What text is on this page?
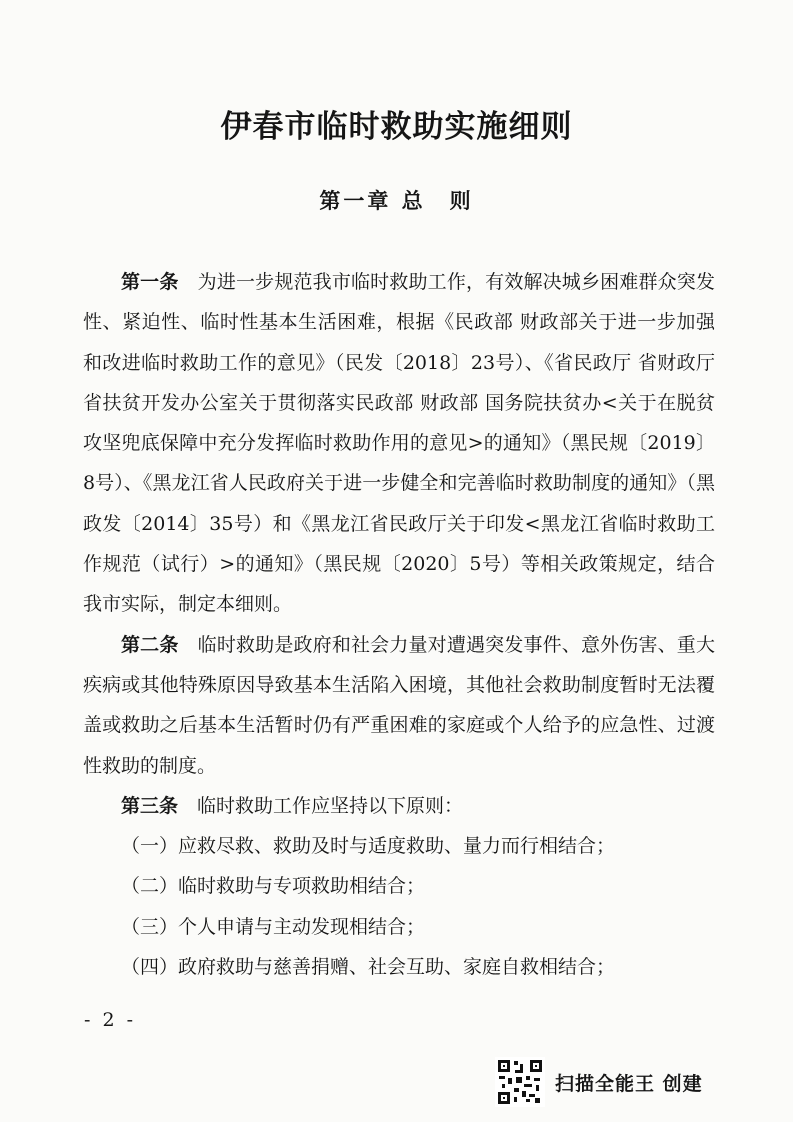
伊春市临时救助实施细则
第一章 总　则

第一条　 为进一步规范我市临时救助工作，有效解决城乡困难群众突发性、紧迫性、临时性基本生活困难，根据《民政部 财政部关于进一步加强和改进临时救助工作的意见》（民发〔2018〕23号）、《省民政厅 省财政厅 省扶贫开发办公室关于贯彻落实民政部 财政部 国务院扶贫办<关于在脱贫攻坚兜底保障中充分发挥临时救助作用的意见>的通知》（黑民规〔2019〕8号）、《黑龙江省人民政府关于进一步健全和完善临时救助制度的通知》（黑政发〔2014〕35号）和《黑龙江省民政厅关于印发<黑龙江省临时救助工作规范（试行）>的通知》（黑民规〔2020〕5号）等相关政策规定，结合我市实际，制定本细则。

第二条　 临时救助是政府和社会力量对遭遇突发事件、意外伤害、重大疾病或其他特殊原因导致基本生活陷入困境，其他社会救助制度暂时无法覆盖或救助之后基本生活暂时仍有严重困难的家庭或个人给予的应急性、过渡性救助的制度。

第三条　 临时救助工作应坚持以下原则：

（一）应救尽救、救助及时与适度救助、量力而行相结合；

（二）临时救助与专项救助相结合；

（三）个人申请与主动发现相结合；

（四）政府救助与慈善捐赠、社会互助、家庭自救相结合；

- 2 -
扫描全能王 创建
